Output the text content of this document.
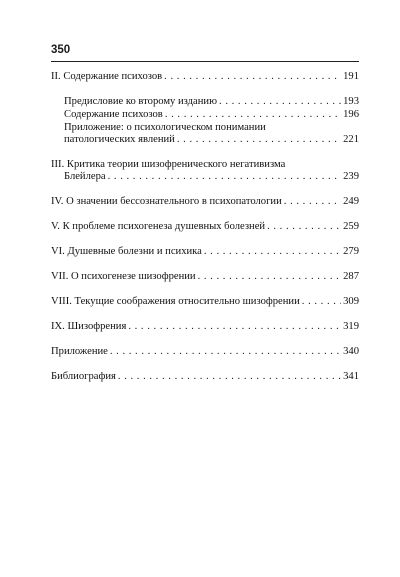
350
II. Содержание психозов . . .	191
Предисловие ко второму изданию . . .	193
Содержание психозов . . .	196
Приложение: о психологическом понимании
патологических явлений . . .	221
III. Критика теории шизофренического негативизма
Блейлера . . .	239
IV. О значении бессознательного в психопатологии . . .	249
V. К проблеме психогенеза душевных болезней . . .	259
VI. Душевные болезни и психика . . .	279
VII. О психогенезе шизофрении . . .	287
VIII. Текущие соображения относительно шизофрении . . .	309
IX. Шизофрения . . .	319
Приложение . . .	340
Библиография . . .	341
